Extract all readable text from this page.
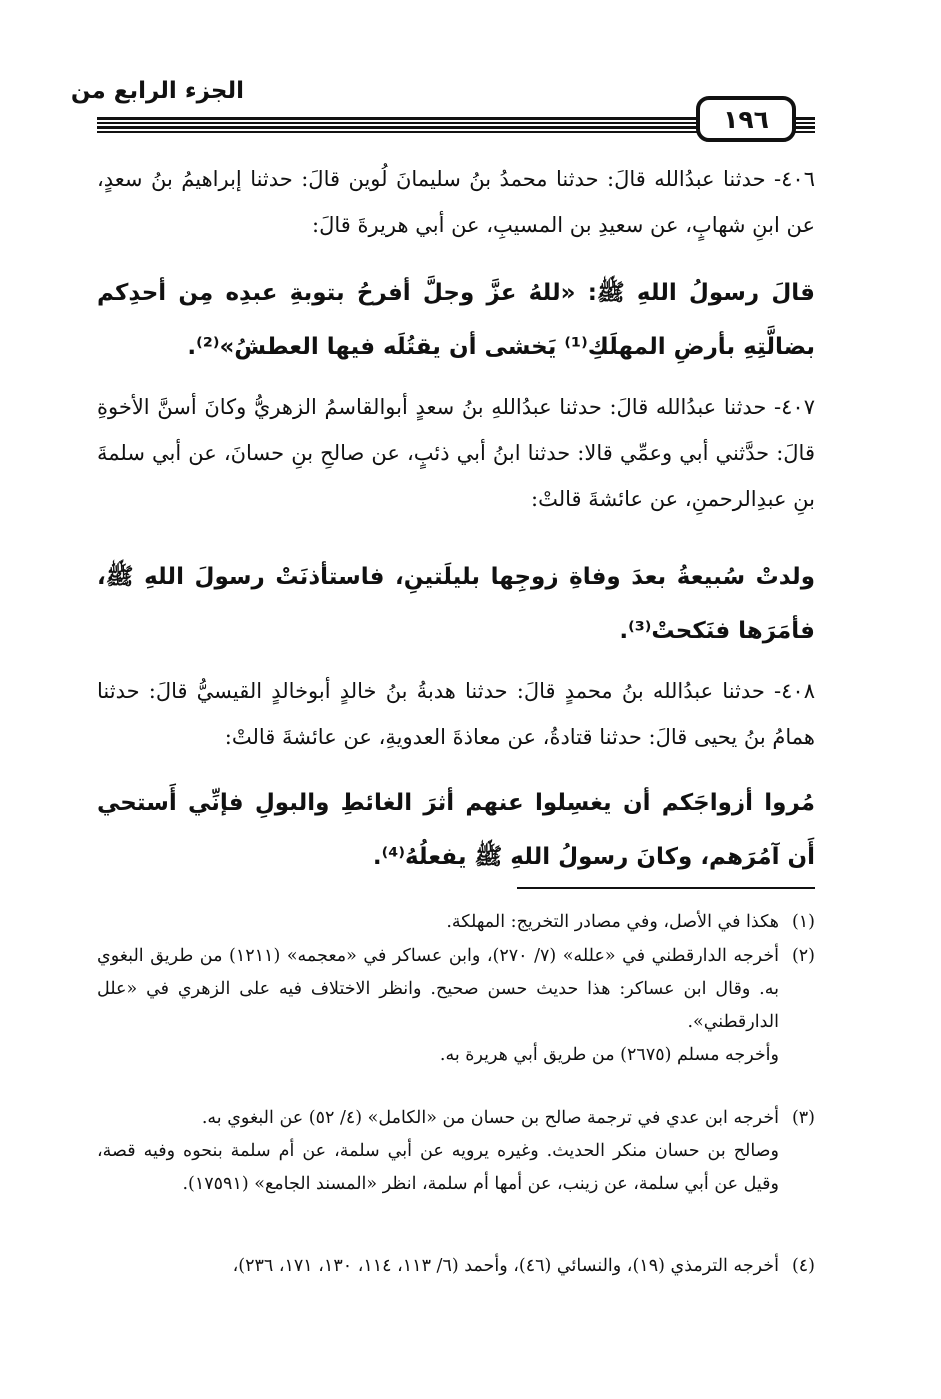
الجزء الرابع من
١٩٦

٤٠٦- حدثنا عبدُالله قالَ: حدثنا محمدُ بنُ سليمانَ لُوين قالَ: حدثنا إبراهيمُ بنُ سعدٍ، عن ابنِ شهابٍ، عن سعيدِ بن المسيبِ، عن أبي هريرةَ قالَ:

قالَ رسولُ اللهِ ﷺ: «للهُ عزَّ وجلَّ أفرحُ بتوبةِ عبدِه مِن أحدِكم بضالَّتِهِ بأرضِ المهلَكِ⁽¹⁾ يَخشى أن يقتُلَه فيها العطشُ»⁽²⁾.

٤٠٧- حدثنا عبدُالله قالَ: حدثنا عبدُاللهِ بنُ سعدٍ أبوالقاسمُ الزهريُّ وكانَ أسنَّ الأخوةِ قالَ: حدَّثني أبي وعمِّي قالا: حدثنا ابنُ أبي ذئبٍ، عن صالحِ بنِ حسانَ، عن أبي سلمةَ بنِ عبدِالرحمنِ، عن عائشةَ قالتْ:

ولدتْ سُبيعةُ بعدَ وفاةِ زوجِها بليلَتينِ، فاستأذنَتْ رسولَ اللهِ ﷺ، فأمَرَها فنَكحتْ⁽³⁾.

٤٠٨- حدثنا عبدُالله بنُ محمدٍ قالَ: حدثنا هدبةُ بنُ خالدٍ أبوخالدٍ القيسيُّ قالَ: حدثنا همامُ بنُ يحيى قالَ: حدثنا قتادةُ، عن معاذةَ العدويةِ، عن عائشةَ قالتْ:

مُروا أزواجَكم أن يغسِلوا عنهم أثرَ الغائطِ والبولِ فإنِّي أَستحي أَن آمُرَهم، وكانَ رسولُ اللهِ ﷺ يفعلُهُ⁽⁴⁾.

(١)
هكذا في الأصل، وفي مصادر التخريج: المهلكة.
(٢)
أخرجه الدارقطني في «علله» (٧/ ٢٧٠)، وابن عساكر في «معجمه» (١٢١١) من طريق البغوي به. وقال ابن عساكر: هذا حديث حسن صحيح. وانظر الاختلاف فيه على الزهري في «علل الدارقطني».
وأخرجه مسلم (٢٦٧٥) من طريق أبي هريرة به.
(٣)
أخرجه ابن عدي في ترجمة صالح بن حسان من «الكامل» (٤/ ٥٢) عن البغوي به.
وصالح بن حسان منكر الحديث. وغيره يرويه عن أبي سلمة، عن أم سلمة بنحوه وفيه قصة، وقيل عن أبي سلمة، عن زينب، عن أمها أم سلمة، انظر «المسند الجامع» (١٧٥٩١).
(٤)
أخرجه الترمذي (١٩)، والنسائي (٤٦)، وأحمد (٦/ ١١٣، ١١٤، ١٣٠، ١٧١، ٢٣٦)،
